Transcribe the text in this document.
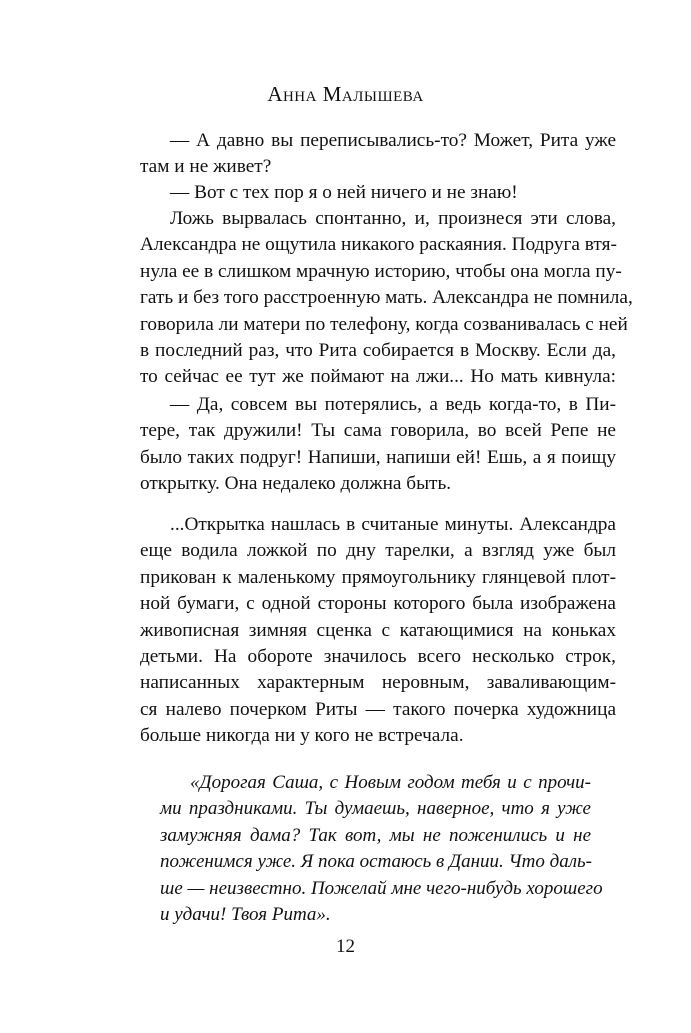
Анна Малышева
— А давно вы переписывались-то? Может, Рита уже
там и не живет?
— Вот с тех пор я о ней ничего и не знаю!
Ложь вырвалась спонтанно, и, произнеся эти слова,
Александра не ощутила никакого раскаяния. Подруга втя-
нула ее в слишком мрачную историю, чтобы она могла пу-
гать и без того расстроенную мать. Александра не помнила,
говорила ли матери по телефону, когда созванивалась с ней
в последний раз, что Рита собирается в Москву. Если да,
то сейчас ее тут же поймают на лжи... Но мать кивнула:
— Да, совсем вы потерялись, а ведь когда-то, в Пи-
тере, так дружили! Ты сама говорила, во всей Репе не
было таких подруг! Напиши, напиши ей! Ешь, а я поищу
открытку. Она недалеко должна быть.
...Открытка нашлась в считаные минуты. Александра
еще водила ложкой по дну тарелки, а взгляд уже был
прикован к маленькому прямоугольнику глянцевой плот-
ной бумаги, с одной стороны которого была изображена
живописная зимняя сценка с катающимися на коньках
детьми. На обороте значилось всего несколько строк,
написанных характерным неровным, заваливающим-
ся налево почерком Риты — такого почерка художница
больше никогда ни у кого не встречала.
«Дорогая Саша, с Новым годом тебя и с прочи-
ми праздниками. Ты думаешь, наверное, что я уже
замужняя дама? Так вот, мы не поженились и не
поженимся уже. Я пока остаюсь в Дании. Что даль-
ше — неизвестно. Пожелай мне чего-нибудь хорошего
и удачи! Твоя Рита».
12
